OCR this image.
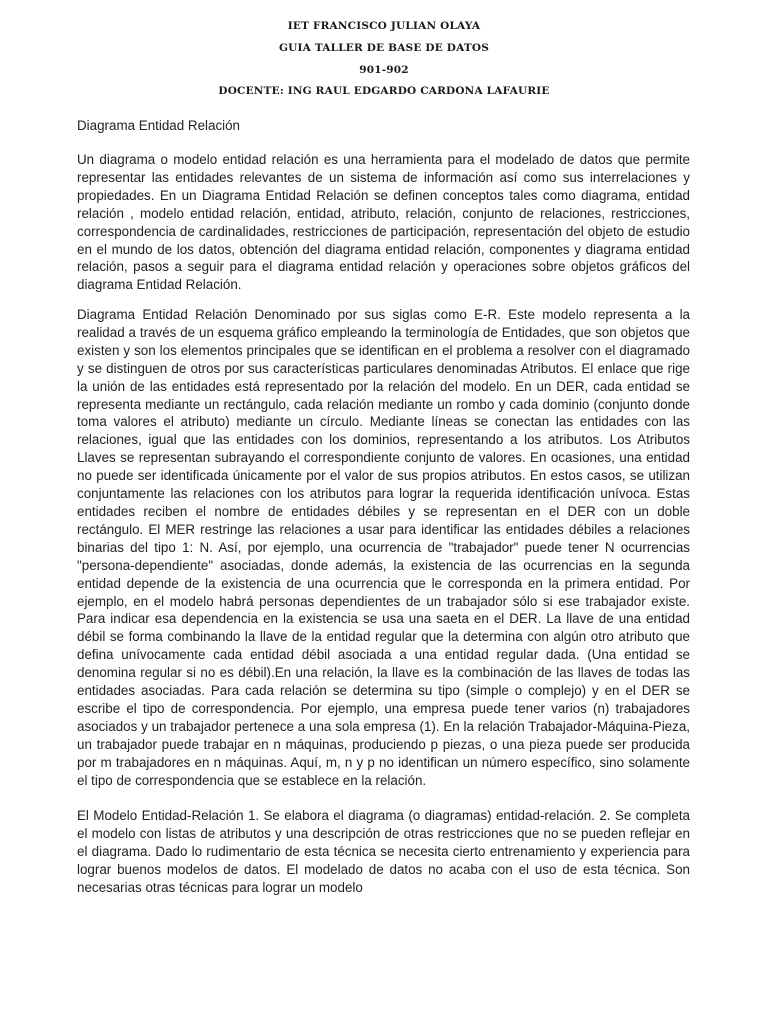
IET FRANCISCO JULIAN OLAYA

GUIA TALLER DE BASE DE DATOS

901-902

DOCENTE: ING RAUL EDGARDO CARDONA LAFAURIE

Diagrama Entidad Relación

Un diagrama o modelo entidad relación es una herramienta para el modelado de datos que permite representar las entidades relevantes de un sistema de información así como sus interrelaciones y propiedades. En un Diagrama Entidad Relación se definen conceptos tales como diagrama, entidad relación , modelo entidad relación, entidad, atributo, relación, conjunto de relaciones, restricciones, correspondencia de cardinalidades, restricciones de participación, representación del objeto de estudio en el mundo de los datos, obtención del diagrama entidad relación, componentes y diagrama entidad relación, pasos a seguir para el diagrama entidad relación y operaciones sobre objetos gráficos del diagrama Entidad Relación.

Diagrama Entidad Relación Denominado por sus siglas como E-R. Este modelo representa a la realidad a través de un esquema gráfico empleando la terminología de Entidades, que son objetos que existen y son los elementos principales que se identifican en el problema a resolver con el diagramado y se distinguen de otros por sus características particulares denominadas Atributos. El enlace que rige la unión de las entidades está representado por la relación del modelo. En un DER, cada entidad se representa mediante un rectángulo, cada relación mediante un rombo y cada dominio (conjunto donde toma valores el atributo) mediante un círculo. Mediante líneas se conectan las entidades con las relaciones, igual que las entidades con los dominios, representando a los atributos. Los Atributos Llaves se representan subrayando el correspondiente conjunto de valores. En ocasiones, una entidad no puede ser identificada únicamente por el valor de sus propios atributos. En estos casos, se utilizan conjuntamente las relaciones con los atributos para lograr la requerida identificación unívoca. Estas entidades reciben el nombre de entidades débiles y se representan en el DER con un doble rectángulo. El MER restringe las relaciones a usar para identificar las entidades débiles a relaciones binarias del tipo 1: N. Así, por ejemplo, una ocurrencia de "trabajador" puede tener N ocurrencias "persona-dependiente" asociadas, donde además, la existencia de las ocurrencias en la segunda entidad depende de la existencia de una ocurrencia que le corresponda en la primera entidad. Por ejemplo, en el modelo habrá personas dependientes de un trabajador sólo si ese trabajador existe. Para indicar esa dependencia en la existencia se usa una saeta en el DER. La llave de una entidad débil se forma combinando la llave de la entidad regular que la determina con algún otro atributo que defina unívocamente cada entidad débil asociada a una entidad regular dada. (Una entidad se denomina regular si no es débil).En una relación, la llave es la combinación de las llaves de todas las entidades asociadas. Para cada relación se determina su tipo (simple o complejo) y en el DER se escribe el tipo de correspondencia. Por ejemplo, una empresa puede tener varios (n) trabajadores asociados y un trabajador pertenece a una sola empresa (1). En la relación Trabajador-Máquina-Pieza, un trabajador puede trabajar en n máquinas, produciendo p piezas, o una pieza puede ser producida por m trabajadores en n máquinas. Aquí, m, n y p no identifican un número específico, sino solamente el tipo de correspondencia que se establece en la relación.

El Modelo Entidad-Relación 1. Se elabora el diagrama (o diagramas) entidad-relación. 2. Se completa el modelo con listas de atributos y una descripción de otras restricciones que no se pueden reflejar en el diagrama. Dado lo rudimentario de esta técnica se necesita cierto entrenamiento y experiencia para lograr buenos modelos de datos. El modelado de datos no acaba con el uso de esta técnica. Son necesarias otras técnicas para lograr un modelo
